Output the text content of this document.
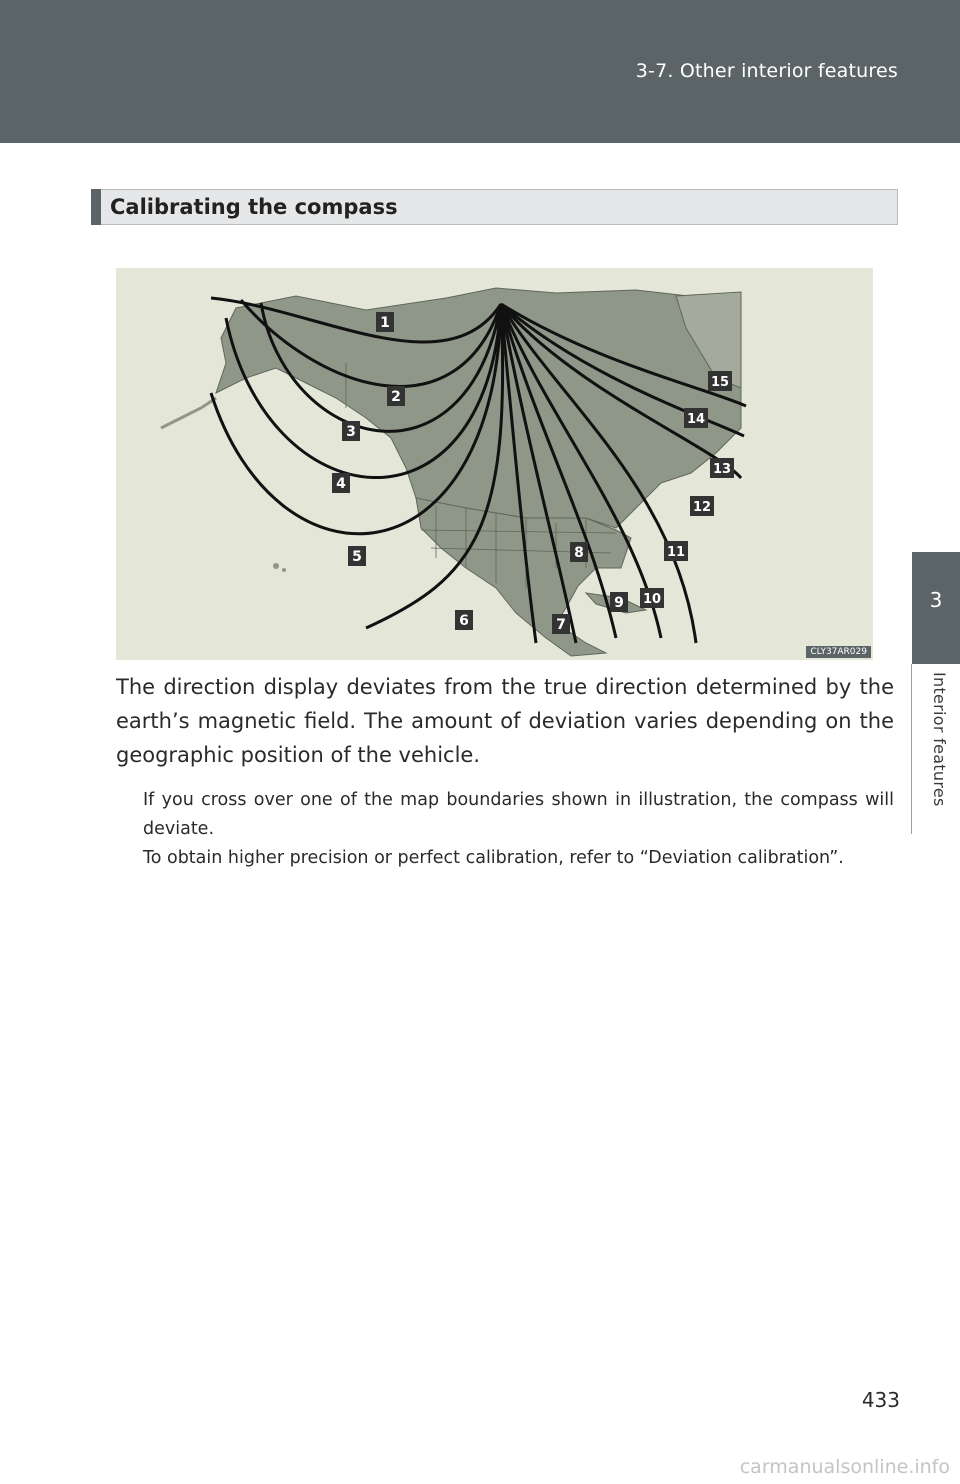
3-7. Other interior features
3
Interior features
Calibrating the compass
1
2
3
4
5
6	7
8
9 10
11
12
13
14
15
CLY37AR029
The direction display deviates from the true direction determined by the earth’s magnetic field. The amount of deviation varies depending on the geographic position of the vehicle.

If you cross over one of the map boundaries shown in illustration, the compass will deviate.

To obtain higher precision or perfect calibration, refer to “Deviation calibration”.

433
carmanualsonline.info
